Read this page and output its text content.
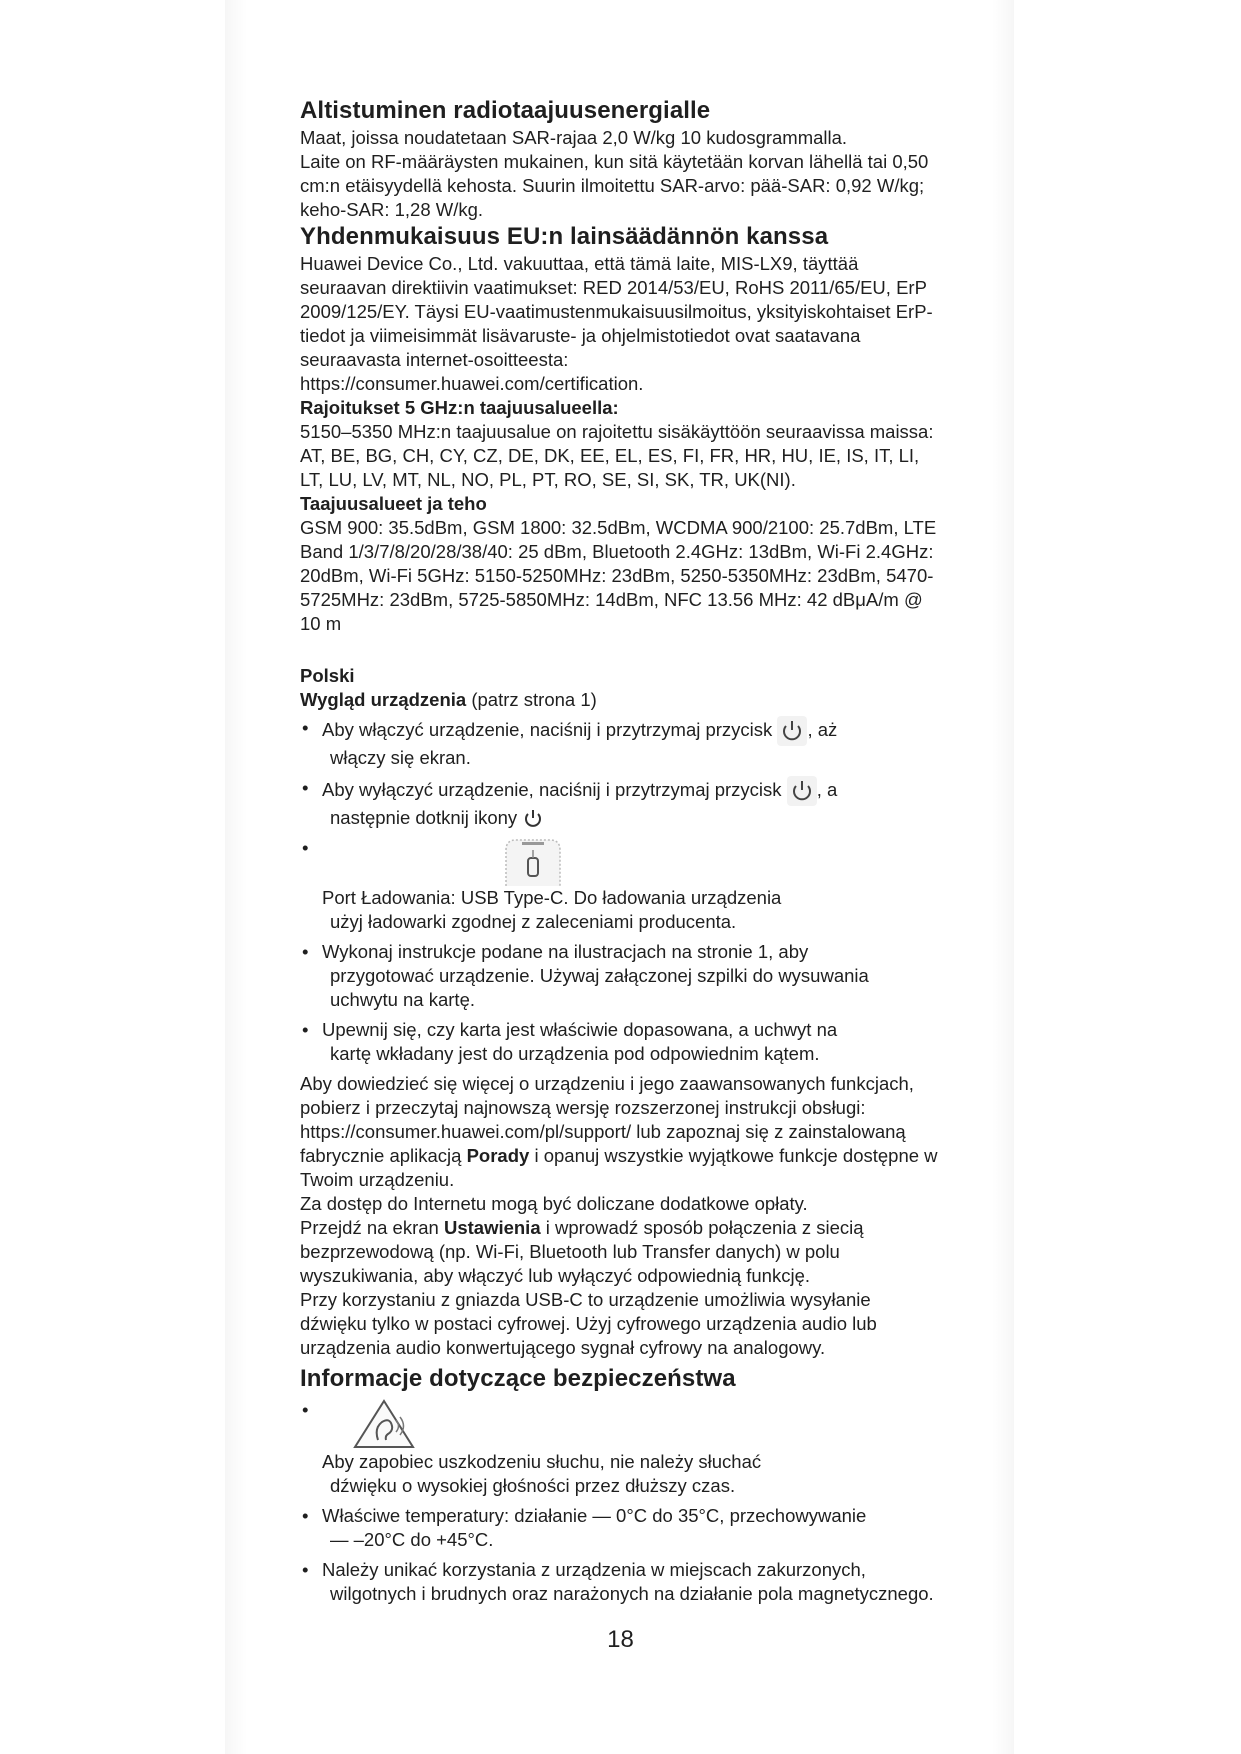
Altistuminen radiotaajuusenergialle

Maat, joissa noudatetaan SAR-rajaa 2,0 W/kg 10 kudosgrammalla.

Laite on RF-määräysten mukainen, kun sitä käytetään korvan lähellä tai 0,50 cm:n etäisyydellä kehosta. Suurin ilmoitettu SAR-arvo: pää-SAR: 0,92 W/kg; keho-SAR: 1,28 W/kg.

Yhdenmukaisuus EU:n lainsäädännön kanssa

Huawei Device Co., Ltd. vakuuttaa, että tämä laite, MIS-LX9, täyttää seuraavan direktiivin vaatimukset: RED 2014/53/EU, RoHS 2011/65/EU, ErP 2009/125/EY. Täysi EU-vaatimustenmukaisuusilmoitus, yksityiskohtaiset ErP-tiedot ja viimeisimmät lisävaruste- ja ohjelmistotiedot ovat saatavana seuraavasta internet-osoitteesta:

https://consumer.huawei.com/certification.

Rajoitukset 5 GHz:n taajuusalueella:

5150–5350 MHz:n taajuusalue on rajoitettu sisäkäyttöön seuraavissa maissa: AT, BE, BG, CH, CY, CZ, DE, DK, EE, EL, ES, FI, FR, HR, HU, IE, IS, IT, LI, LT, LU, LV, MT, NL, NO, PL, PT, RO, SE, SI, SK, TR, UK(NI).

Taajuusalueet ja teho

GSM 900: 35.5dBm, GSM 1800: 32.5dBm, WCDMA 900/2100: 25.7dBm, LTE Band 1/3/7/8/20/28/38/40: 25 dBm, Bluetooth 2.4GHz: 13dBm, Wi-Fi 2.4GHz: 20dBm, Wi-Fi 5GHz: 5150-5250MHz: 23dBm, 5250-5350MHz: 23dBm, 5470-5725MHz: 23dBm, 5725-5850MHz: 14dBm, NFC 13.56 MHz: 42 dBμA/m @ 10 m

Polski

Wygląd urządzenia (patrz strona 1)

• Aby włączyć urządzenie, naciśnij i przytrzymaj przycisk , aż
włączy się ekran.
• Aby wyłączyć urządzenie, naciśnij i przytrzymaj przycisk , a
następnie dotknij ikony
• Port Ładowania: USB Type-C. Do ładowania urządzenia
użyj ładowarki zgodnej z zaleceniami producenta.
• Wykonaj instrukcje podane na ilustracjach na stronie 1, aby
przygotować urządzenie. Używaj załączonej szpilki do wysuwania uchwytu na kartę.
• Upewnij się, czy karta jest właściwie dopasowana, a uchwyt na
kartę wkładany jest do urządzenia pod odpowiednim kątem.

Aby dowiedzieć się więcej o urządzeniu i jego zaawansowanych funkcjach, pobierz i przeczytaj najnowszą wersję rozszerzonej instrukcji obsługi: https://consumer.huawei.com/pl/support/ lub zapoznaj się z zainstalowaną fabrycznie aplikacją Porady i opanuj wszystkie wyjątkowe funkcje dostępne w Twoim urządzeniu.

Za dostęp do Internetu mogą być doliczane dodatkowe opłaty.

Przejdź na ekran Ustawienia i wprowadź sposób połączenia z siecią bezprzewodową (np. Wi-Fi, Bluetooth lub Transfer danych) w polu wyszukiwania, aby włączyć lub wyłączyć odpowiednią funkcję.

Przy korzystaniu z gniazda USB-C to urządzenie umożliwia wysyłanie dźwięku tylko w postaci cyfrowej. Użyj cyfrowego urządzenia audio lub urządzenia audio konwertującego sygnał cyfrowy na analogowy.

Informacje dotyczące bezpieczeństwa
• Aby zapobiec uszkodzeniu słuchu, nie należy słuchać
dźwięku o wysokiej głośności przez dłuższy czas.
• Właściwe temperatury: działanie — 0°C do 35°C, przechowywanie
— –20°C do +45°C.
• Należy unikać korzystania z urządzenia w miejscach zakurzonych,
wilgotnych i brudnych oraz narażonych na działanie pola magnetycznego.
18
